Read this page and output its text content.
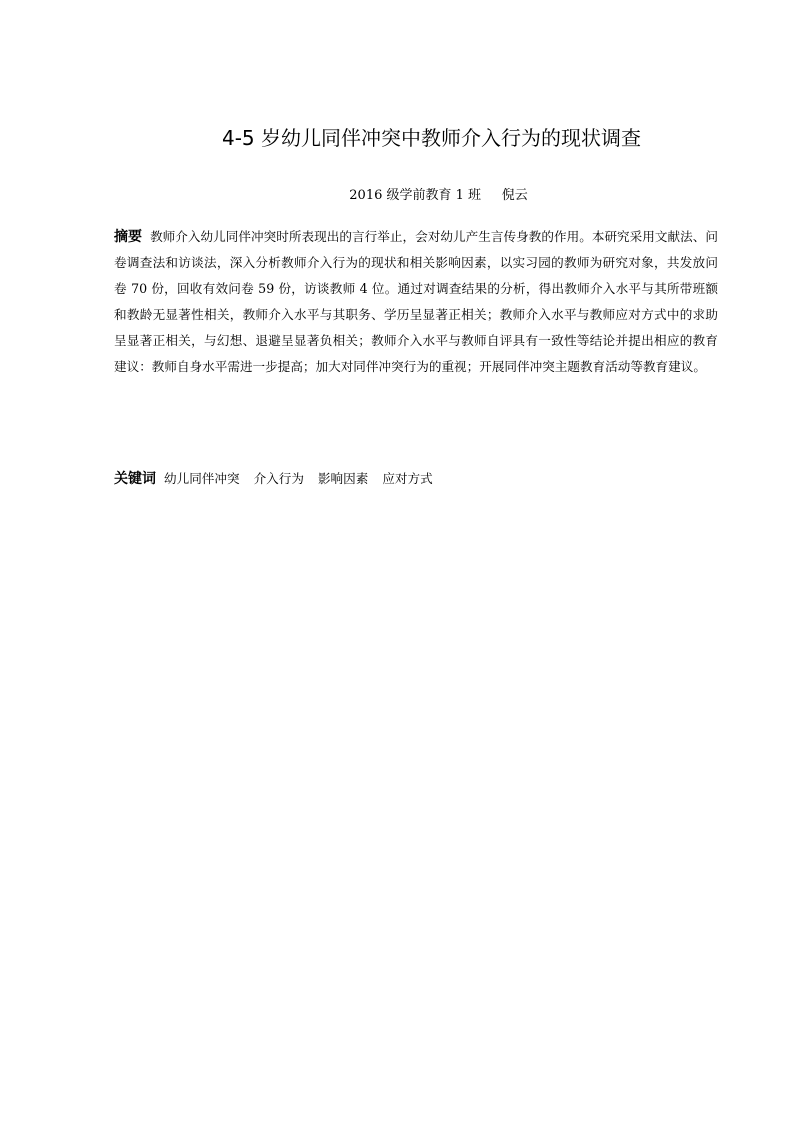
4-5 岁幼儿同伴冲突中教师介入行为的现状调查
2016 级学前教育 1 班     倪云
摘要 教师介入幼儿同伴冲突时所表现出的言行举止，会对幼儿产生言传身教的作用。本研究采用文献法、问卷调查法和访谈法，深入分析教师介入行为的现状和相关影响因素，以实习园的教师为研究对象，共发放问卷 70 份，回收有效问卷 59 份，访谈教师 4 位。通过对调查结果的分析，得出教师介入水平与其所带班额和教龄无显著性相关，教师介入水平与其职务、学历呈显著正相关；教师介入水平与教师应对方式中的求助呈显著正相关，与幻想、退避呈显著负相关；教师介入水平与教师自评具有一致性等结论并提出相应的教育建议：教师自身水平需进一步提高；加大对同伴冲突行为的重视；开展同伴冲突主题教育活动等教育建议。
关键词 幼儿同伴冲突 介入行为 影响因素 应对方式
